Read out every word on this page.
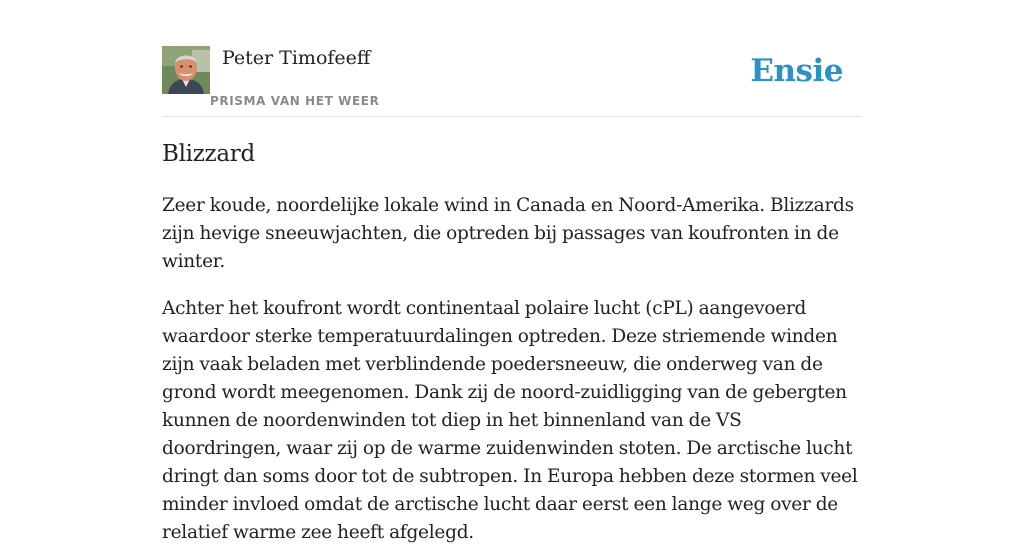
Peter Timofeeff
PRISMA VAN HET WEER
Ensie
Blizzard

Zeer koude, noordelijke lokale wind in Canada en Noord-Amerika. Blizzards zijn hevige sneeuwjachten, die optreden bij passages van koufronten in de winter.

Achter het koufront wordt continentaal polaire lucht (cPL) aangevoerd waardoor sterke temperatuurdalingen optreden. Deze striemende winden zijn vaak beladen met verblindende poedersneeuw, die onderweg van de grond wordt meegenomen. Dank zij de noord-zuidligging van de gebergten kunnen de noordenwinden tot diep in het binnenland van de VS doordringen, waar zij op de warme zuidenwinden stoten. De arctische lucht dringt dan soms door tot de subtropen. In Europa hebben deze stormen veel minder invloed omdat de arctische lucht daar eerst een lange weg over de relatief warme zee heeft afgelegd.
